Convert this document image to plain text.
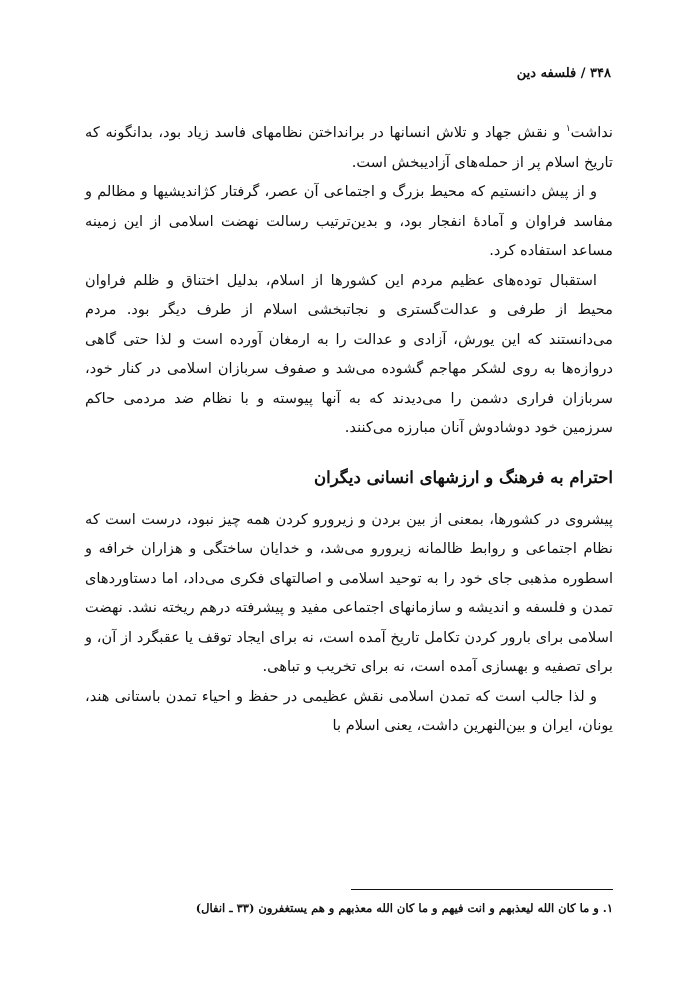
۳۴۸ / فلسفه دین

نداشت$^۱$ و نقش جهاد و تلاش انسانها در برانداختن نظامهای فاسد زیاد بود، بدانگونه که تاریخ اسلام پر از حمله‌های آزادیبخش است.

و از پیش دانستیم که محیط بزرگ و اجتماعی آن عصر، گرفتار کژاندیشیها و مظالم و مفاسد فراوان و آمادهٔ انفجار بود، و بدین‌ترتیب رسالت نهضت اسلامی از این زمینه مساعد استفاده کرد.

استقبال توده‌های عظیم مردم این کشورها از اسلام، بدلیل اختناق و ظلم فراوان محیط از طرفی و عدالت‌گستری و نجاتبخشی اسلام از طرف دیگر بود. مردم می‌دانستند که این یورش، آزادی و عدالت را به ارمغان آورده است و لذا حتی گاهی دروازه‌ها به روی لشکر مهاجم گشوده می‌شد و صفوف سربازان اسلامی در کنار خود، سربازان فراری دشمن را می‌دیدند که به آنها پیوسته و با نظام ضد مردمی حاکم سرزمین خود دوشادوش آنان مبارزه می‌کنند.

احترام به فرهنگ و ارزشهای انسانی دیگران

پیشروی در کشورها، بمعنی از بین بردن و زیرورو کردن همه چیز نبود، درست است که نظام اجتماعی و روابط ظالمانه زیرورو می‌شد، و خدایان ساختگی و هزاران خرافه و اسطوره مذهبی جای خود را به توحید اسلامی و اصالتهای فکری می‌داد، اما دستاوردهای تمدن و فلسفه و اندیشه و سازمانهای اجتماعی مفید و پیشرفته درهم ریخته نشد. نهضت اسلامی برای بارور کردن تکامل تاریخ آمده است، نه برای ایجاد توقف یا عقبگرد از آن، و برای تصفیه و بهسازی آمده است، نه برای تخریب و تباهی.

و لذا جالب است که تمدن اسلامی نقش عظیمی در حفظ و احیاء تمدن باستانی هند، یونان، ایران و بین‌النهرین داشت، یعنی اسلام با

۱. و ما کان الله لیعذبهم و انت فیهم و ما کان الله معذبهم و هم یستغفرون (۳۳ ـ انفال)
